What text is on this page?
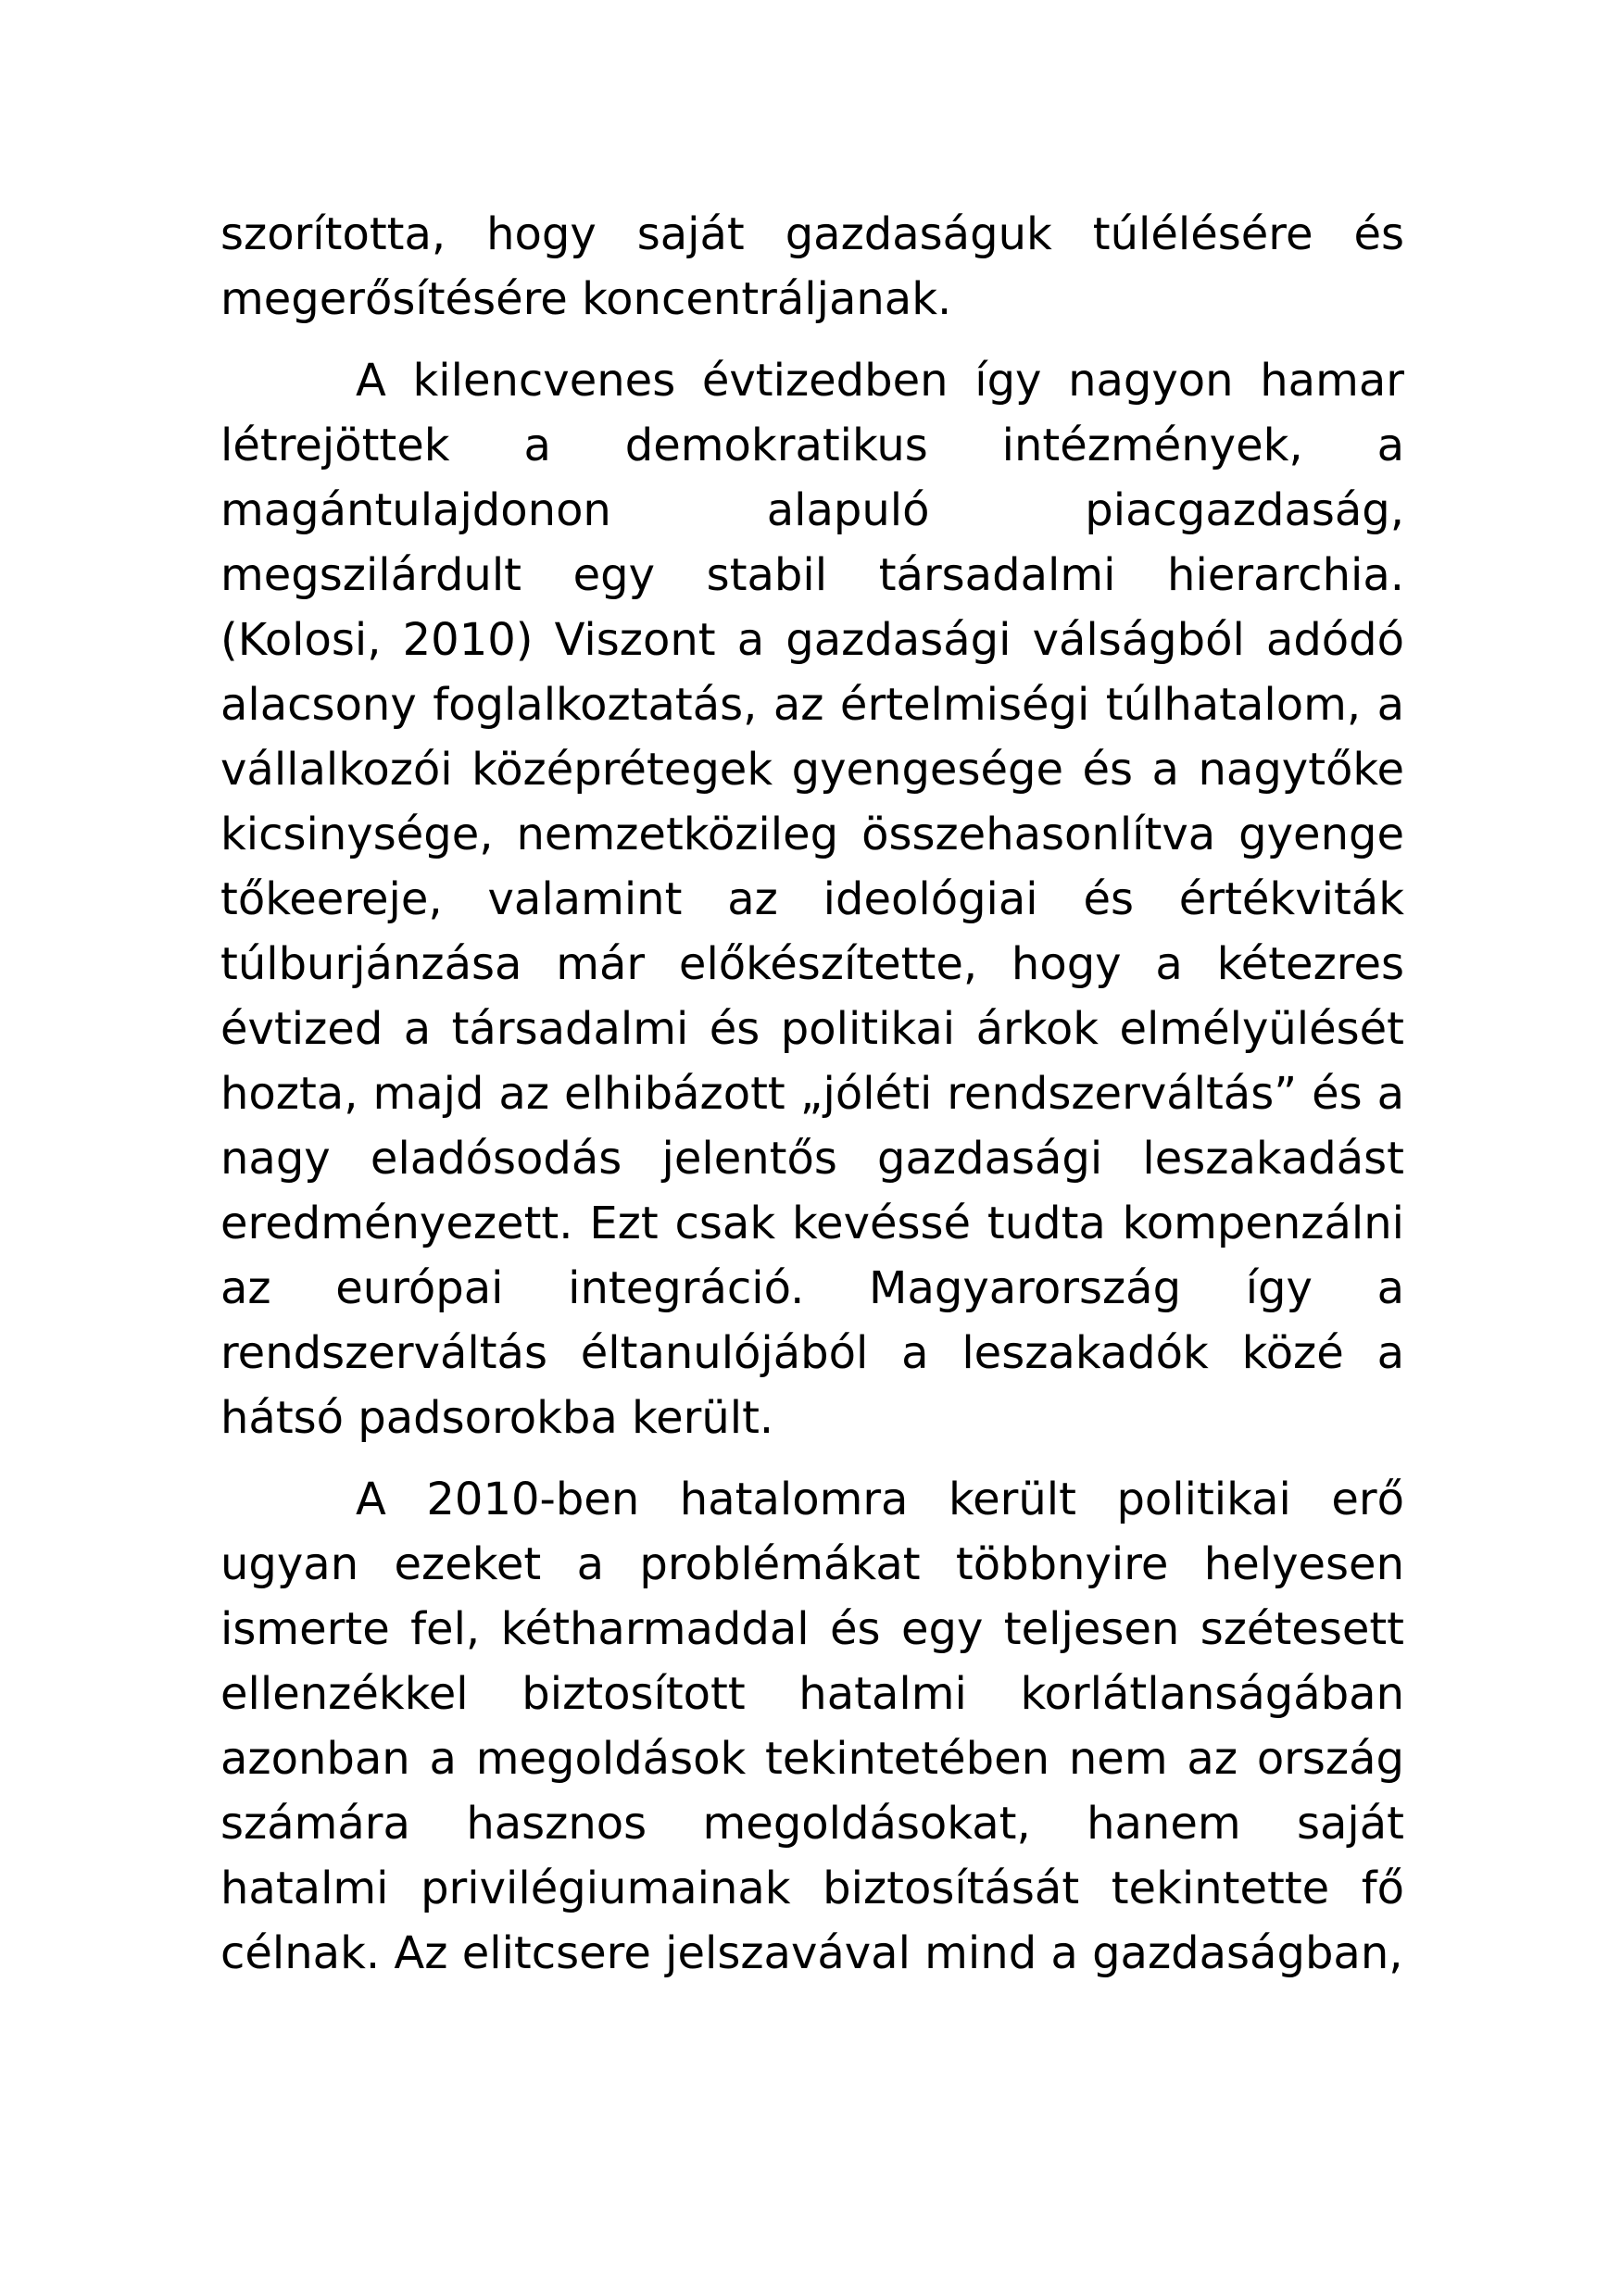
szorította, hogy saját gazdaságuk túlélésére és megerősítésére koncentráljanak.

A kilencvenes évtizedben így nagyon hamar létrejöttek a demokratikus intézmények, a magántulajdonon alapuló piacgazdaság, megszilárdult egy stabil társadalmi hierarchia. (Kolosi, 2010) Viszont a gazdasági válságból adódó alacsony foglalkoztatás, az értelmiségi túlhatalom, a vállalkozói középrétegek gyengesége és a nagytőke kicsinysége, nemzetközileg összehasonlítva gyenge tőkeereje, valamint az ideológiai és értékviták túlburjánzása már előkészítette, hogy a kétezres évtized a társadalmi és politikai árkok elmélyülését hozta, majd az elhibázott „jóléti rendszerváltás” és a nagy eladósodás jelentős gazdasági leszakadást eredményezett. Ezt csak kevéssé tudta kompenzálni az európai integráció. Magyarország így a rendszerváltás éltanulójából a leszakadók közé a hátsó padsorokba került.

A 2010-ben hatalomra került politikai erő ugyan ezeket a problémákat többnyire helyesen ismerte fel, kétharmaddal és egy teljesen szétesett ellenzékkel biztosított hatalmi korlátlanságában azonban a megoldások tekintetében nem az ország számára hasznos megoldásokat, hanem saját hatalmi privilégiumainak biztosítását tekintette fő célnak. Az elitcsere jelszavával mind a gazdaságban,
